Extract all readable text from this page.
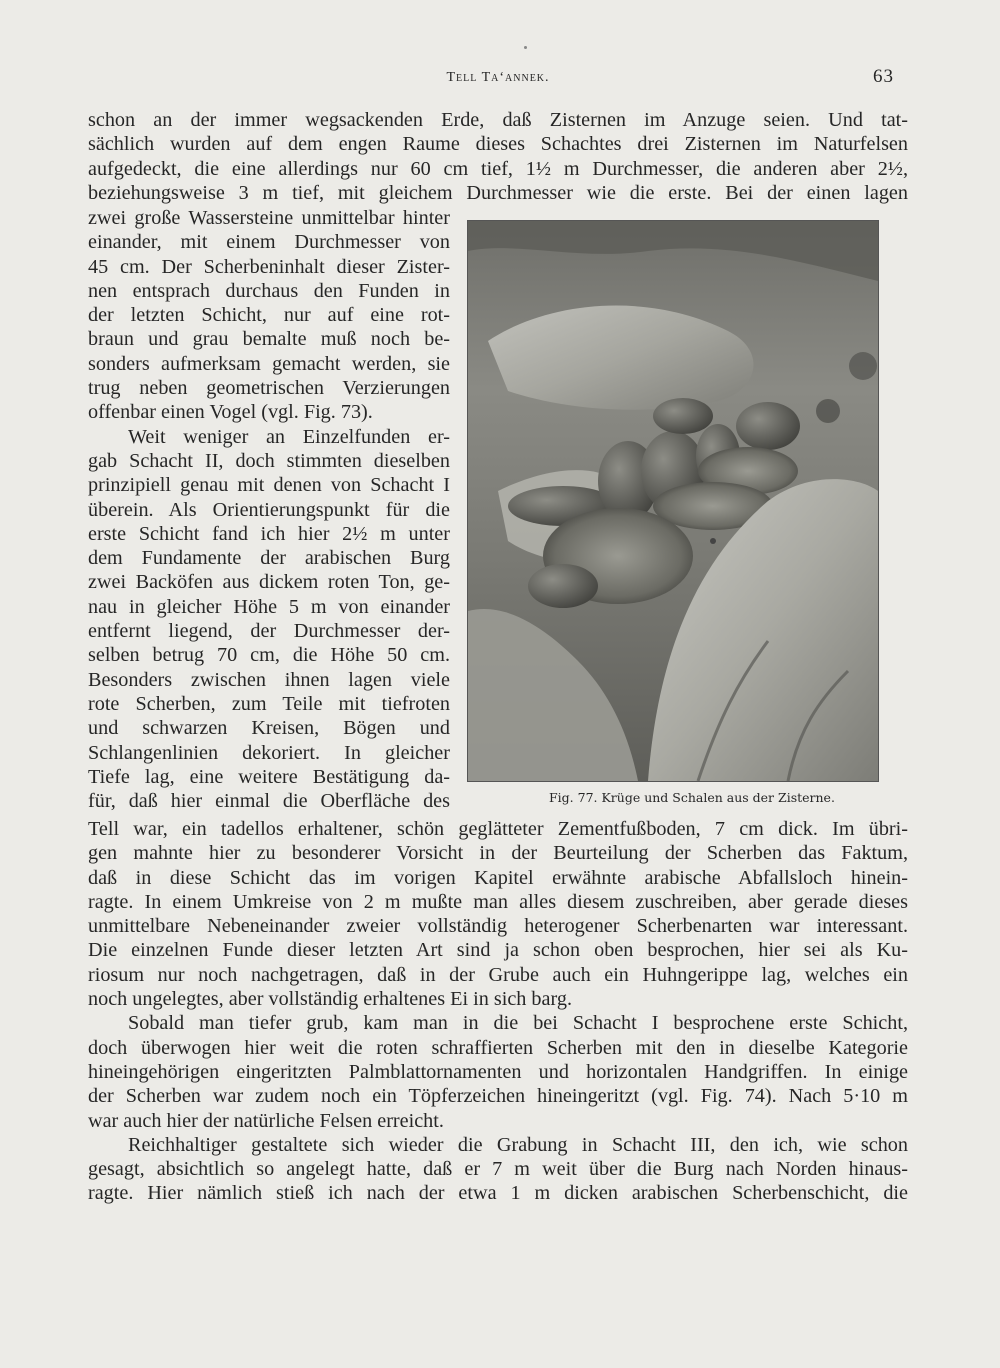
Tell Ta‘annek.	63

schon an der immer wegsackenden Erde, daß Zisternen im Anzuge seien. Und tat-

sächlich wurden auf dem engen Raume dieses Schachtes drei Zisternen im Naturfelsen

aufgedeckt, die eine allerdings nur 60 cm tief, 1½ m Durchmesser, die anderen aber 2½,

beziehungsweise 3 m tief, mit gleichem Durchmesser wie die erste. Bei der einen lagen

zwei große Wassersteine unmittelbar hinter

einander, mit einem Durchmesser von

45 cm. Der Scherbeninhalt dieser Zister-

nen entsprach durchaus den Funden in

der letzten Schicht, nur auf eine rot-

braun und grau bemalte muß noch be-

sonders aufmerksam gemacht werden, sie

trug neben geometrischen Verzierungen

offenbar einen Vogel (vgl. Fig. 73).

Weit weniger an Einzelfunden er-

gab Schacht II, doch stimmten dieselben

prinzipiell genau mit denen von Schacht I

überein. Als Orientierungspunkt für die

erste Schicht fand ich hier 2½ m unter

dem Fundamente der arabischen Burg

zwei Backöfen aus dickem roten Ton, ge-

nau in gleicher Höhe 5 m von einander

entfernt liegend, der Durchmesser der-

selben betrug 70 cm, die Höhe 50 cm.

Besonders zwischen ihnen lagen viele

rote Scherben, zum Teile mit tiefroten

und schwarzen Kreisen, Bögen und

Schlangenlinien dekoriert. In gleicher

Tiefe lag, eine weitere Bestätigung da-

für, daß hier einmal die Oberfläche des	Fig. 77. Krüge und Schalen aus der Zisterne.

Tell war, ein tadellos erhaltener, schön geglätteter Zementfußboden, 7 cm dick. Im übri-

gen mahnte hier zu besonderer Vorsicht in der Beurteilung der Scherben das Faktum,

daß in diese Schicht das im vorigen Kapitel erwähnte arabische Abfallsloch hinein-

ragte. In einem Umkreise von 2 m mußte man alles diesem zuschreiben, aber gerade dieses

unmittelbare Nebeneinander zweier vollständig heterogener Scherbenarten war interessant.

Die einzelnen Funde dieser letzten Art sind ja schon oben besprochen, hier sei als Ku-

riosum nur noch nachgetragen, daß in der Grube auch ein Huhngerippe lag, welches ein

noch ungelegtes, aber vollständig erhaltenes Ei in sich barg.

Sobald man tiefer grub, kam man in die bei Schacht I besprochene erste Schicht,

doch überwogen hier weit die roten schraffierten Scherben mit den in dieselbe Kategorie

hineingehörigen eingeritzten Palmblattornamenten und horizontalen Handgriffen. In einige

der Scherben war zudem noch ein Töpferzeichen hineingeritzt (vgl. Fig. 74). Nach 5·10 m

war auch hier der natürliche Felsen erreicht.

Reichhaltiger gestaltete sich wieder die Grabung in Schacht III, den ich, wie schon

gesagt, absichtlich so angelegt hatte, daß er 7 m weit über die Burg nach Norden hinaus-

ragte. Hier nämlich stieß ich nach der etwa 1 m dicken arabischen Scherbenschicht, die
